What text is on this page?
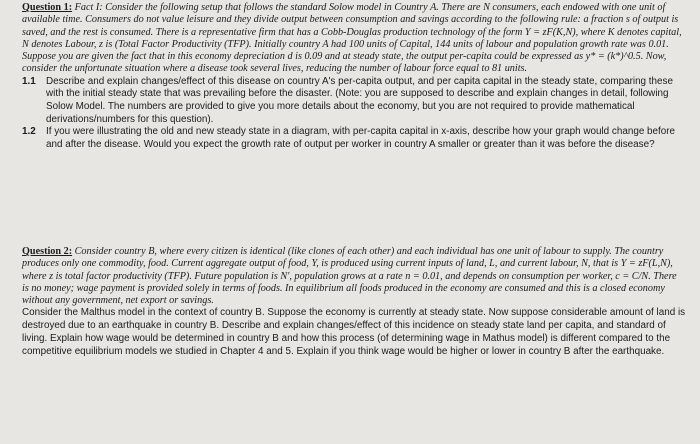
Question 1: Fact I: Consider the following setup that follows the standard Solow model in Country A. There are N consumers, each endowed with one unit of available time. Consumers do not value leisure and they divide output between consumption and savings according to the following rule: a fraction s of output is saved, and the rest is consumed. There is a representative firm that has a Cobb-Douglas production technology of the form Y = zF(K,N), where K denotes capital, N denotes Labour, z is (Total Factor Productivity (TFP). Initially country A had 100 units of Capital, 144 units of labour and population growth rate was 0.01. Suppose you are given the fact that in this economy depreciation d is 0.09 and at steady state, the output per-capita could be expressed as y* = (k*)^0.5. Now, consider the unfortunate situation where a disease took several lives, reducing the number of labour force equal to 81 units.

1.1 Describe and explain changes/effect of this disease on country A's per-capita output, and per capita capital in the steady state, comparing these with the initial steady state that was prevailing before the disaster. (Note: you are supposed to describe and explain changes in detail, following Solow Model. The numbers are provided to give you more details about the economy, but you are not required to provide mathematical derivations/numbers for this question).

1.2 If you were illustrating the old and new steady state in a diagram, with per-capita capital in x-axis, describe how your graph would change before and after the disease. Would you expect the growth rate of output per worker in country A smaller or greater than it was before the disease?

Question 2: Consider country B, where every citizen is identical (like clones of each other) and each individual has one unit of labour to supply. The country produces only one commodity, food. Current aggregate output of food, Y, is produced using current inputs of land, L, and current labour, N, that is Y = zF(L,N), where z is total factor productivity (TFP). Future population is N', population grows at a rate n = 0.01, and depends on consumption per worker, c = C/N. There is no money; wage payment is provided solely in terms of foods. In equilibrium all foods produced in the economy are consumed and this is a closed economy without any government, net export or savings.

Consider the Malthus model in the context of country B. Suppose the economy is currently at steady state. Now suppose considerable amount of land is destroyed due to an earthquake in country B. Describe and explain changes/effect of this incidence on steady state land per capita, and standard of living. Explain how wage would be determined in country B and how this process (of determining wage in Mathus model) is different compared to the competitive equilibrium models we studied in Chapter 4 and 5. Explain if you think wage would be higher or lower in country B after the earthquake.
